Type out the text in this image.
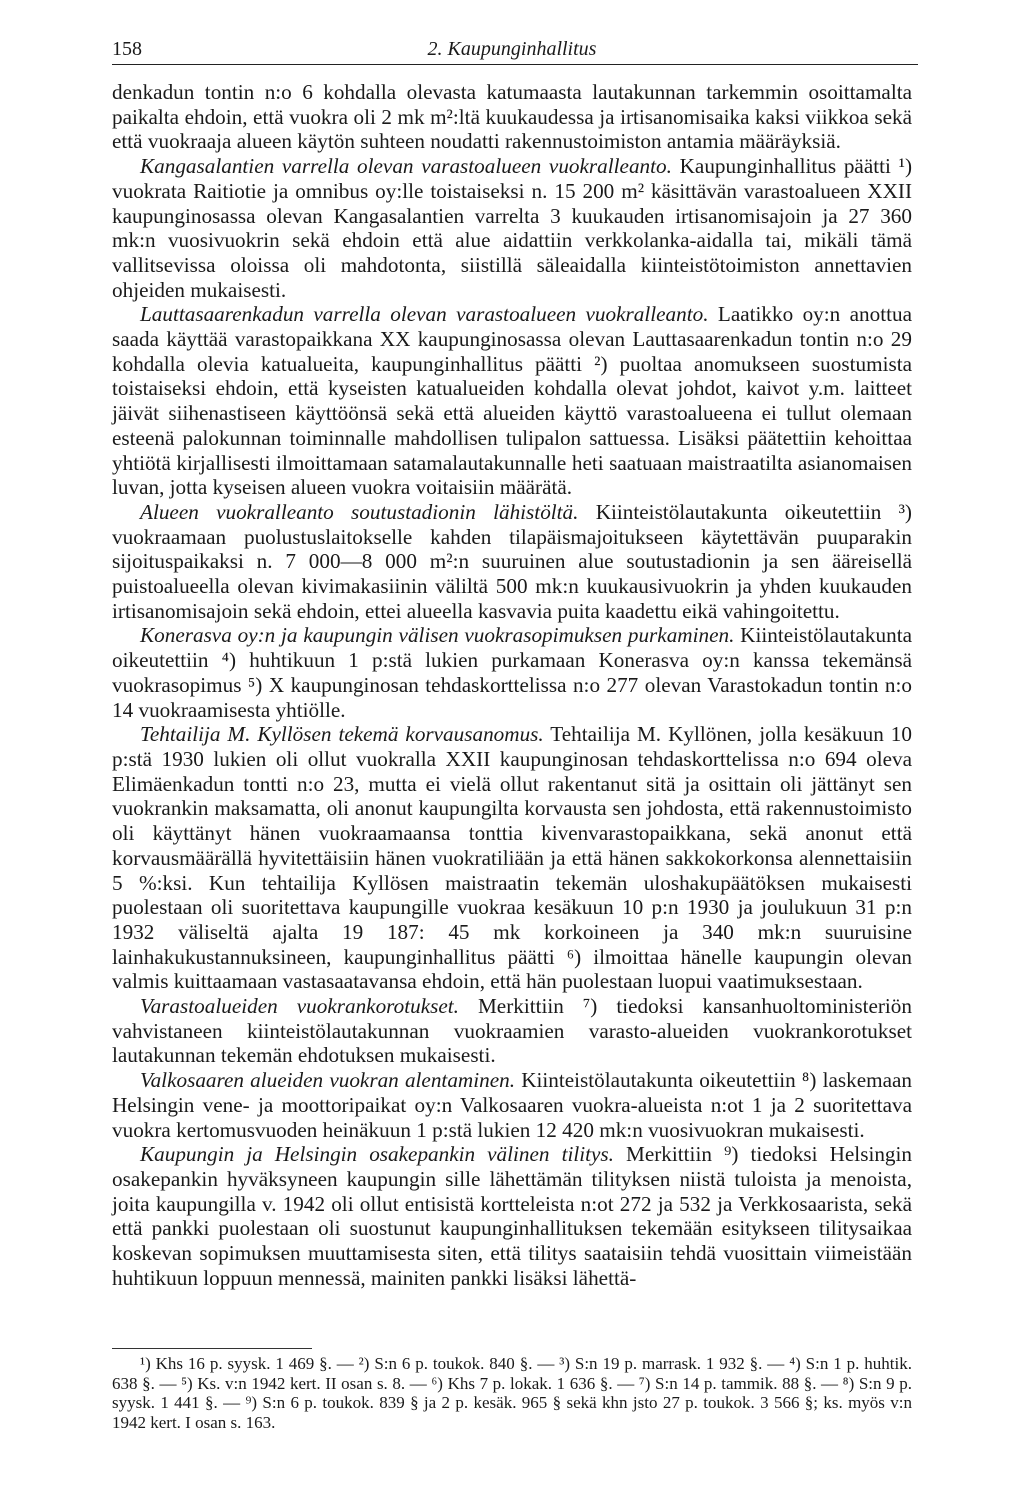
158	2. Kaupunginhallitus

denkadun tontin n:o 6 kohdalla olevasta katumaasta lautakunnan tarkemmin osoittamalta paikalta ehdoin, että vuokra oli 2 mk m²:ltä kuukaudessa ja irtisanomisaika kaksi viikkoa sekä että vuokraaja alueen käytön suhteen noudatti rakennustoimiston antamia määräyksiä.

Kangasalantien varrella olevan varastoalueen vuokralleanto. Kaupunginhallitus päätti ¹) vuokrata Raitiotie ja omnibus oy:lle toistaiseksi n. 15 200 m² käsittävän varastoalueen XXII kaupunginosassa olevan Kangasalantien varrelta 3 kuukauden irtisanomisajoin ja 27 360 mk:n vuosivuokrin sekä ehdoin että alue aidattiin verkkolanka-aidalla tai, mikäli tämä vallitsevissa oloissa oli mahdotonta, siistillä säleaidalla kiinteistötoimiston annettavien ohjeiden mukaisesti.

Lauttasaarenkadun varrella olevan varastoalueen vuokralleanto. Laatikko oy:n anottua saada käyttää varastopaikkana XX kaupunginosassa olevan Lauttasaarenkadun tontin n:o 29 kohdalla olevia katualueita, kaupunginhallitus päätti ²) puoltaa anomukseen suostumista toistaiseksi ehdoin, että kyseisten katualueiden kohdalla olevat johdot, kaivot y.m. laitteet jäivät siihenastiseen käyttöönsä sekä että alueiden käyttö varastoalueena ei tullut olemaan esteenä palokunnan toiminnalle mahdollisen tulipalon sattuessa. Lisäksi päätettiin kehoittaa yhtiötä kirjallisesti ilmoittamaan satamalautakunnalle heti saatuaan maistraatilta asianomaisen luvan, jotta kyseisen alueen vuokra voitaisiin määrätä.

Alueen vuokralleanto soutustadionin lähistöltä. Kiinteistölautakunta oikeutettiin ³) vuokraamaan puolustuslaitokselle kahden tilapäismajoitukseen käytettävän puuparakin sijoituspaikaksi n. 7 000—8 000 m²:n suuruinen alue soutustadionin ja sen ääreisellä puistoalueella olevan kivimakasiinin väliltä 500 mk:n kuukausivuokrin ja yhden kuukauden irtisanomisajoin sekä ehdoin, ettei alueella kasvavia puita kaadettu eikä vahingoitettu.

Konerasva oy:n ja kaupungin välisen vuokrasopimuksen purkaminen. Kiinteistölautakunta oikeutettiin ⁴) huhtikuun 1 p:stä lukien purkamaan Konerasva oy:n kanssa tekemänsä vuokrasopimus ⁵) X kaupunginosan tehdaskorttelissa n:o 277 olevan Varastokadun tontin n:o 14 vuokraamisesta yhtiölle.

Tehtailija M. Kyllösen tekemä korvausanomus. Tehtailija M. Kyllönen, jolla kesäkuun 10 p:stä 1930 lukien oli ollut vuokralla XXII kaupunginosan tehdaskorttelissa n:o 694 oleva Elimäenkadun tontti n:o 23, mutta ei vielä ollut rakentanut sitä ja osittain oli jättänyt sen vuokrankin maksamatta, oli anonut kaupungilta korvausta sen johdosta, että rakennustoimisto oli käyttänyt hänen vuokraamaansa tonttia kivenvarastopaikkana, sekä anonut että korvausmäärällä hyvitettäisiin hänen vuokratiliään ja että hänen sakkokorkonsa alennettaisiin 5 %:ksi. Kun tehtailija Kyllösen maistraatin tekemän uloshakupäätöksen mukaisesti puolestaan oli suoritettava kaupungille vuokraa kesäkuun 10 p:n 1930 ja joulukuun 31 p:n 1932 väliseltä ajalta 19 187: 45 mk korkoineen ja 340 mk:n suuruisine lainhakukustannuksineen, kaupunginhallitus päätti ⁶) ilmoittaa hänelle kaupungin olevan valmis kuittaamaan vastasaatavansa ehdoin, että hän puolestaan luopui vaatimuksestaan.

Varastoalueiden vuokrankorotukset. Merkittiin ⁷) tiedoksi kansanhuoltoministeriön vahvistaneen kiinteistölautakunnan vuokraamien varasto-alueiden vuokrankorotukset lautakunnan tekemän ehdotuksen mukaisesti.

Valkosaaren alueiden vuokran alentaminen. Kiinteistölautakunta oikeutettiin ⁸) laskemaan Helsingin vene- ja moottoripaikat oy:n Valkosaaren vuokra-alueista n:ot 1 ja 2 suoritettava vuokra kertomusvuoden heinäkuun 1 p:stä lukien 12 420 mk:n vuosivuokran mukaisesti.

Kaupungin ja Helsingin osakepankin välinen tilitys. Merkittiin ⁹) tiedoksi Helsingin osakepankin hyväksyneen kaupungin sille lähettämän tilityksen niistä tuloista ja menoista, joita kaupungilla v. 1942 oli ollut entisistä kortteleista n:ot 272 ja 532 ja Verkkosaarista, sekä että pankki puolestaan oli suostunut kaupunginhallituksen tekemään esitykseen tilitysaikaa koskevan sopimuksen muuttamisesta siten, että tilitys saataisiin tehdä vuosittain viimeistään huhtikuun loppuun mennessä, mainiten pankki lisäksi lähettä-

¹) Khs 16 p. syysk. 1 469 §. — ²) S:n 6 p. toukok. 840 §. — ³) S:n 19 p. marrask. 1 932 §. — ⁴) S:n 1 p. huhtik. 638 §. — ⁵) Ks. v:n 1942 kert. II osan s. 8. — ⁶) Khs 7 p. lokak. 1 636 §. — ⁷) S:n 14 p. tammik. 88 §. — ⁸) S:n 9 p. syysk. 1 441 §. — ⁹) S:n 6 p. toukok. 839 § ja 2 p. kesäk. 965 § sekä khn jsto 27 p. toukok. 3 566 §; ks. myös v:n 1942 kert. I osan s. 163.
